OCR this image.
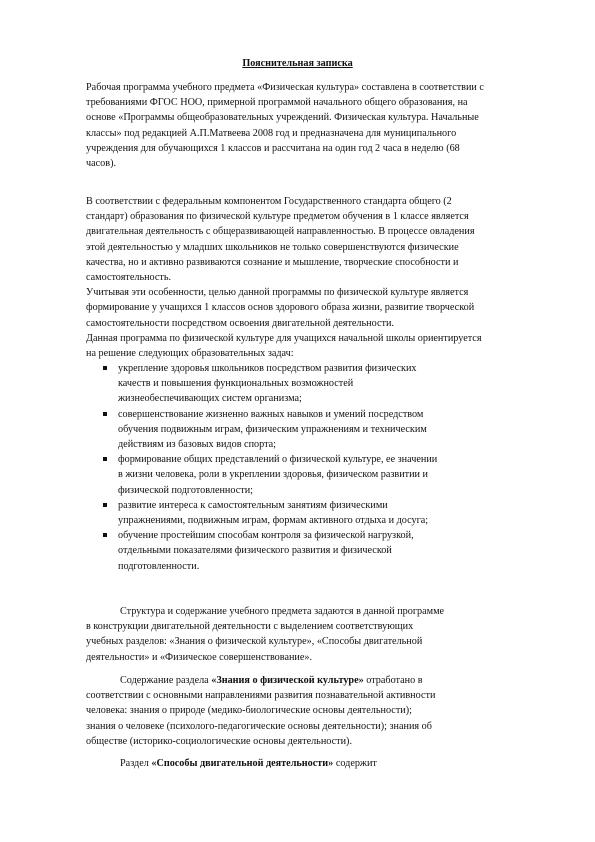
Пояснительная записка
Рабочая программа учебного предмета «Физическая культура» составлена в соответствии с
требованиями ФГОС НОО, примерной программой начального общего образования, на
основе «Программы общеобразовательных учреждений. Физическая культура. Начальные
классы» под редакцией А.П.Матвеева 2008 год и предназначена для муниципального
учреждения для обучающихся 1 классов и рассчитана на один год 2 часа в неделю (68
часов).
В соответствии с федеральным компонентом Государственного стандарта общего (2
стандарт) образования по физической культуре предметом обучения в 1 классе является
двигательная деятельность с общеразвивающей направленностью. В процессе овладения
этой деятельностью у младших школьников не только совершенствуются физические
качества, но и активно развиваются сознание и мышление, творческие способности и
самостоятельность.
Учитывая эти особенности, целью данной программы по физической культуре является
формирование у учащихся 1 классов основ здорового образа жизни, развитие творческой
самостоятельности посредством освоения двигательной деятельности.
Данная программа по физической культуре для учащихся начальной школы ориентируется
на решение следующих образовательных задач:
укрепление здоровья школьников посредством развития физических
качеств и повышения функциональных возможностей
жизнеобеспечивающих систем организма;
совершенствование жизненно важных навыков и умений посредством
обучения подвижным играм, физическим упражнениям и техническим
действиям из базовых видов спорта;
формирование общих представлений о физической культуре, ее значении
в жизни человека, роли в укреплении здоровья, физическом развитии и
физической подготовленности;
развитие интереса к самостоятельным занятиям физическими
упражнениями, подвижным играм, формам активного отдыха и досуга;
обучение простейшим способам контроля за физической нагрузкой,
отдельными показателями физического развития и физической
подготовленности.
Структура и содержание учебного предмета задаются в данной программе
в конструкции двигательной деятельности с выделением соответствующих
учебных разделов: «Знания о физической культуре», «Способы двигательной
деятельности» и «Физическое совершенствование».
Содержание раздела «Знания о физической культуре» отработано в
соответствии с основными направлениями развития познавательной активности
человека: знания о природе (медико-биологические основы деятельности);
знания о человеке (психолого-педагогические основы деятельности); знания об
обществе (историко-социологические основы деятельности).
Раздел «Способы двигательной деятельности» содержит
